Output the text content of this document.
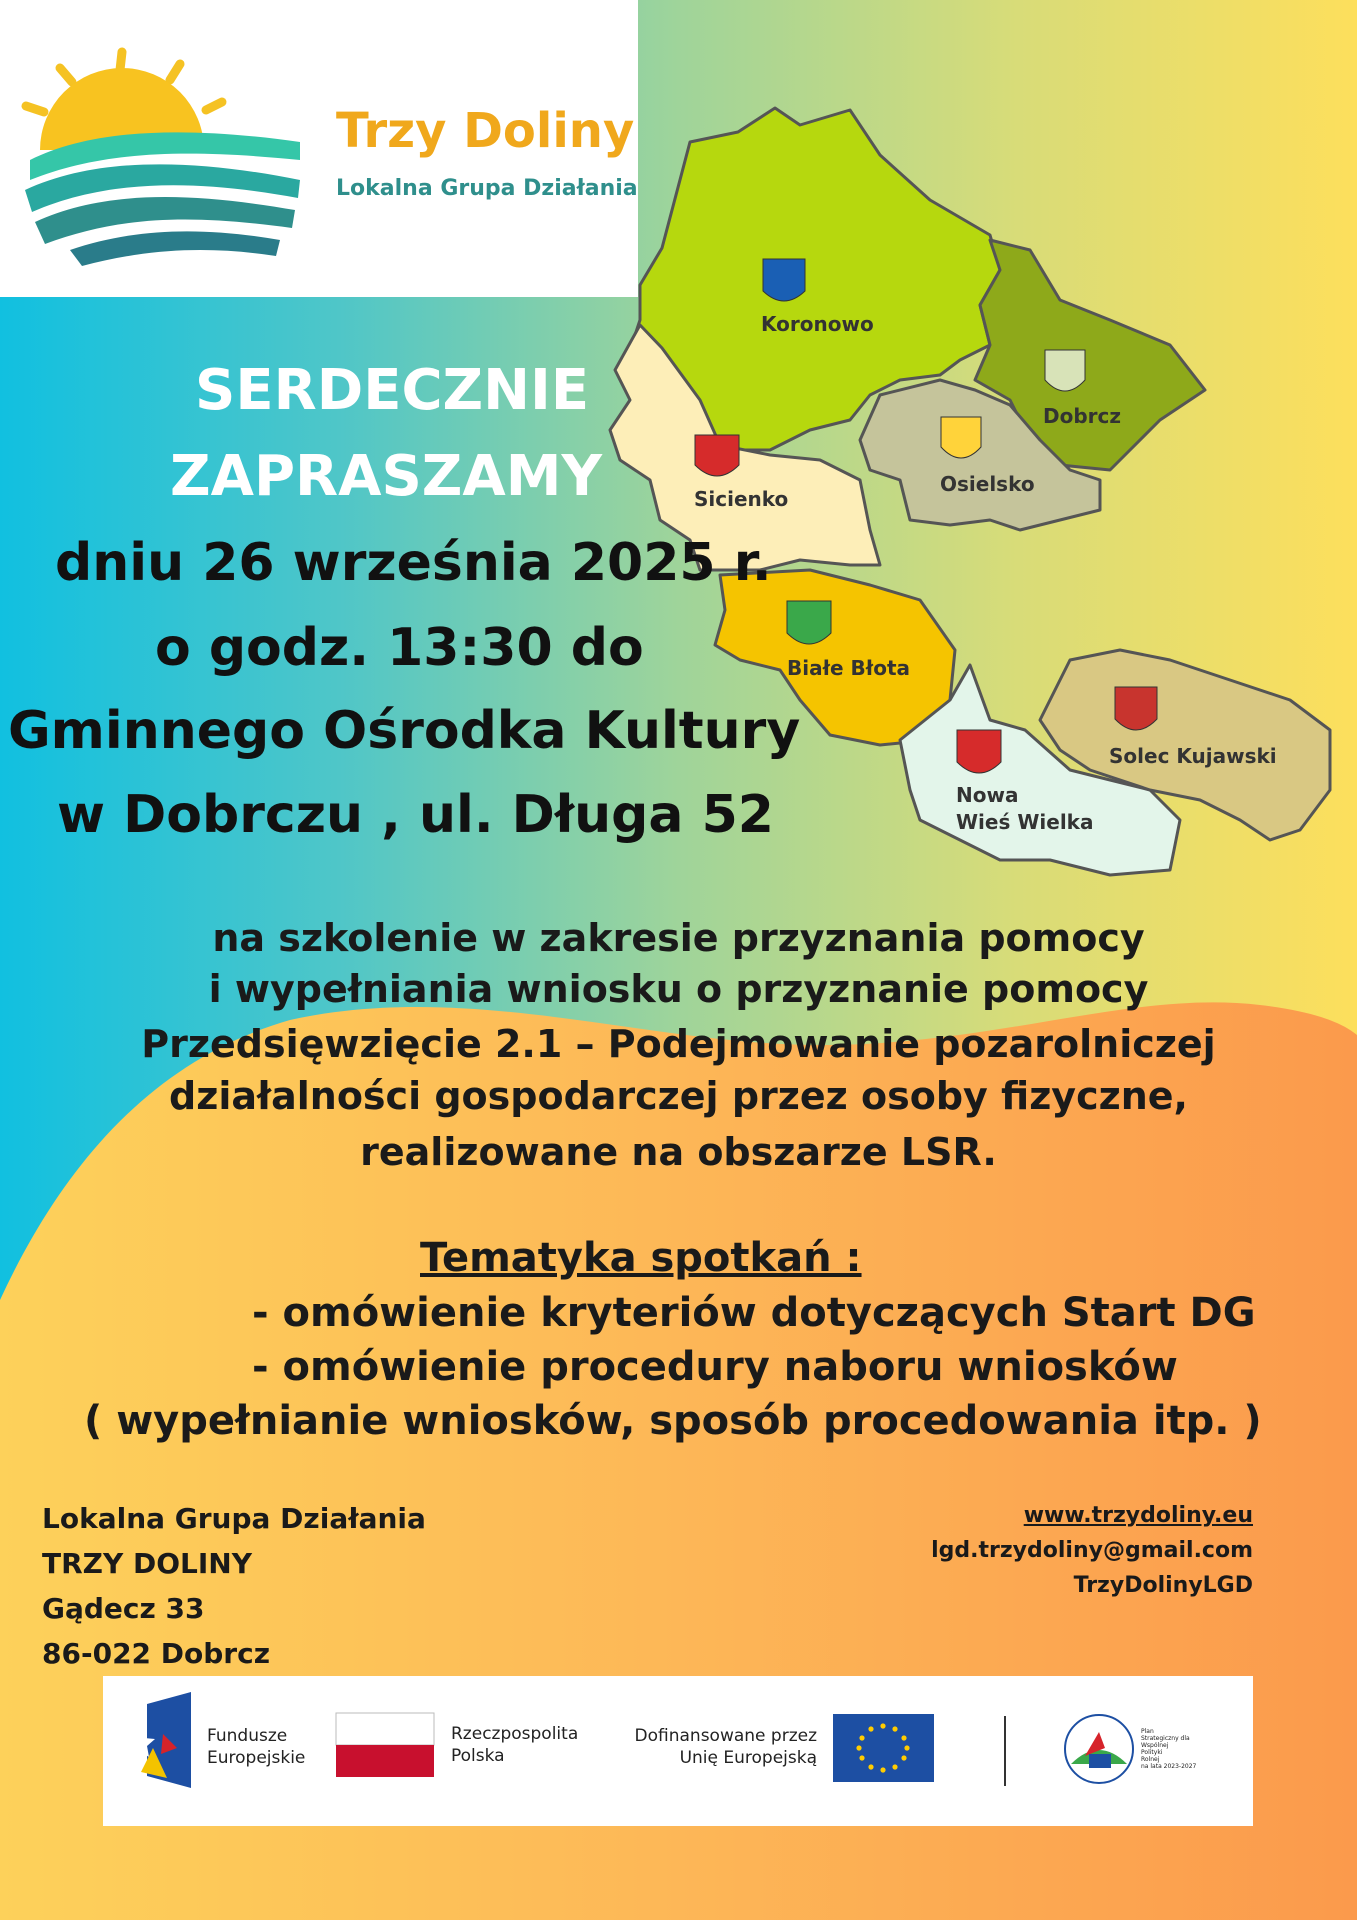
Trzy Doliny
Lokalna Grupa Działania
Koronowo
Dobrcz
Osielsko
Sicienko
Białe Błota
Solec Kujawski
Nowa
Wieś Wielka
SERDECZNIE
ZAPRASZAMY
dniu 26 września 2025 r.
o godz. 13:30 do
Gminnego Ośrodka Kultury
w Dobrczu , ul. Długa 52
na szkolenie w zakresie przyznania pomocy
i wypełniania wniosku o przyznanie pomocy
Przedsięwzięcie 2.1 – Podejmowanie pozarolniczej
działalności gospodarczej przez osoby fizyczne,
realizowane na obszarze LSR.
Tematyka spotkań :
- omówienie kryteriów dotyczących Start DG
- omówienie procedury naboru wniosków
( wypełnianie wniosków, sposób procedowania itp. )
Lokalna Grupa Działania
TRZY DOLINY
Gądecz 33
86-022 Dobrcz
www.trzydoliny.eu
lgd.trzydoliny@gmail.com
TrzyDolinyLGD
Fundusze
Europejskie
Rzeczpospolita
Polska
Dofinansowane przez
Unię Europejską
Plan
Strategiczny dla
Wspólnej
Polityki
Rolnej
na lata 2023-2027
